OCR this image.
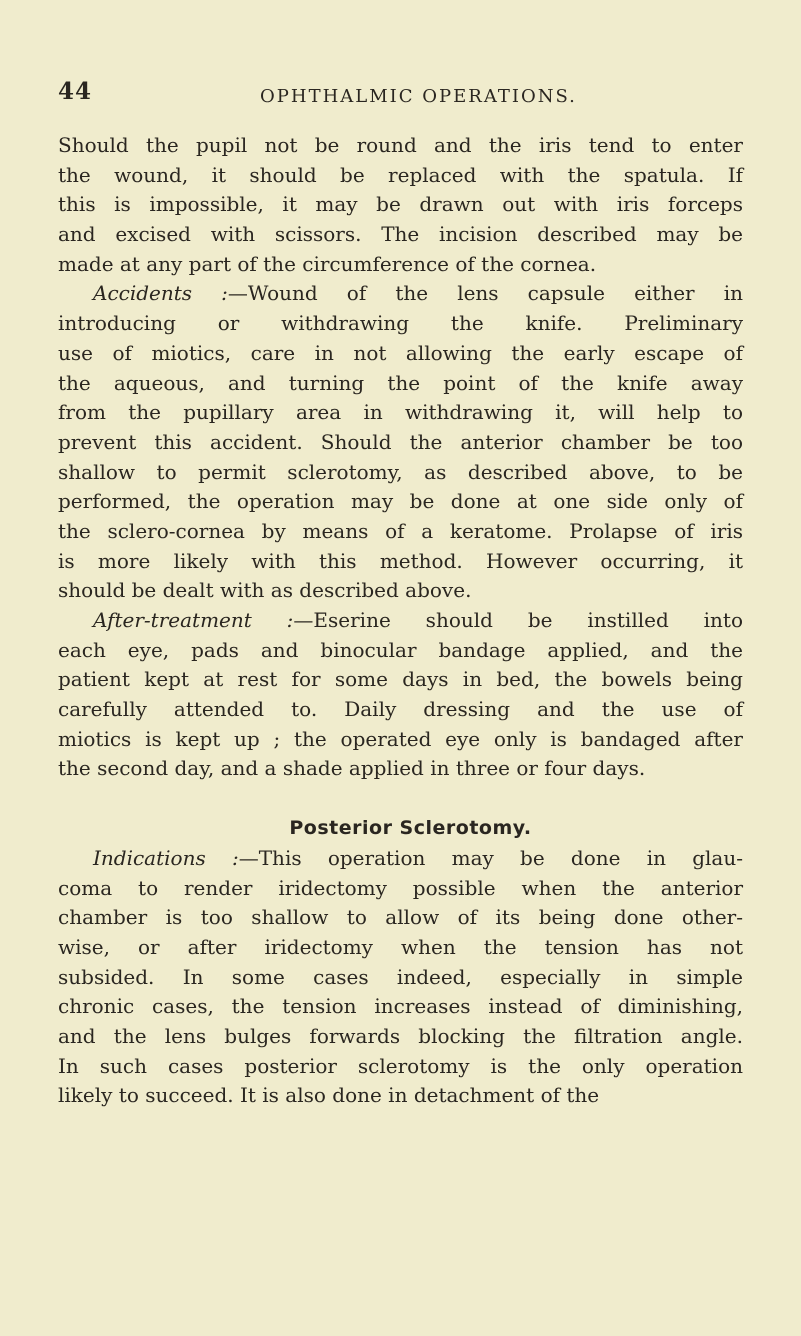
44	OPHTHALMIC OPERATIONS.
Should the pupil not be round and the iris tend to enter
the wound, it should be replaced with the spatula. If
this is impossible, it may be drawn out with iris forceps
and excised with scissors. The incision described may be
made at any part of the circumference of the cornea.
Accidents :—Wound of the lens capsule either in
introducing or withdrawing the knife. Preliminary
use of miotics, care in not allowing the early escape of
the aqueous, and turning the point of the knife away
from the pupillary area in withdrawing it, will help to
prevent this accident. Should the anterior chamber be too
shallow to permit sclerotomy, as described above, to be
performed, the operation may be done at one side only of
the sclero-cornea by means of a keratome. Prolapse of iris
is more likely with this method. However occurring, it
should be dealt with as described above.
After-treatment :—Eserine should be instilled into
each eye, pads and binocular bandage applied, and the
patient kept at rest for some days in bed, the bowels being
carefully attended to. Daily dressing and the use of
miotics is kept up ; the operated eye only is bandaged after
the second day, and a shade applied in three or four days.
Posterior Sclerotomy.
Indications :—This operation may be done in glau-
coma to render iridectomy possible when the anterior
chamber is too shallow to allow of its being done other-
wise, or after iridectomy when the tension has not
subsided. In some cases indeed, especially in simple
chronic cases, the tension increases instead of diminishing,
and the lens bulges forwards blocking the filtration angle.
In such cases posterior sclerotomy is the only operation
likely to succeed. It is also done in detachment of the
